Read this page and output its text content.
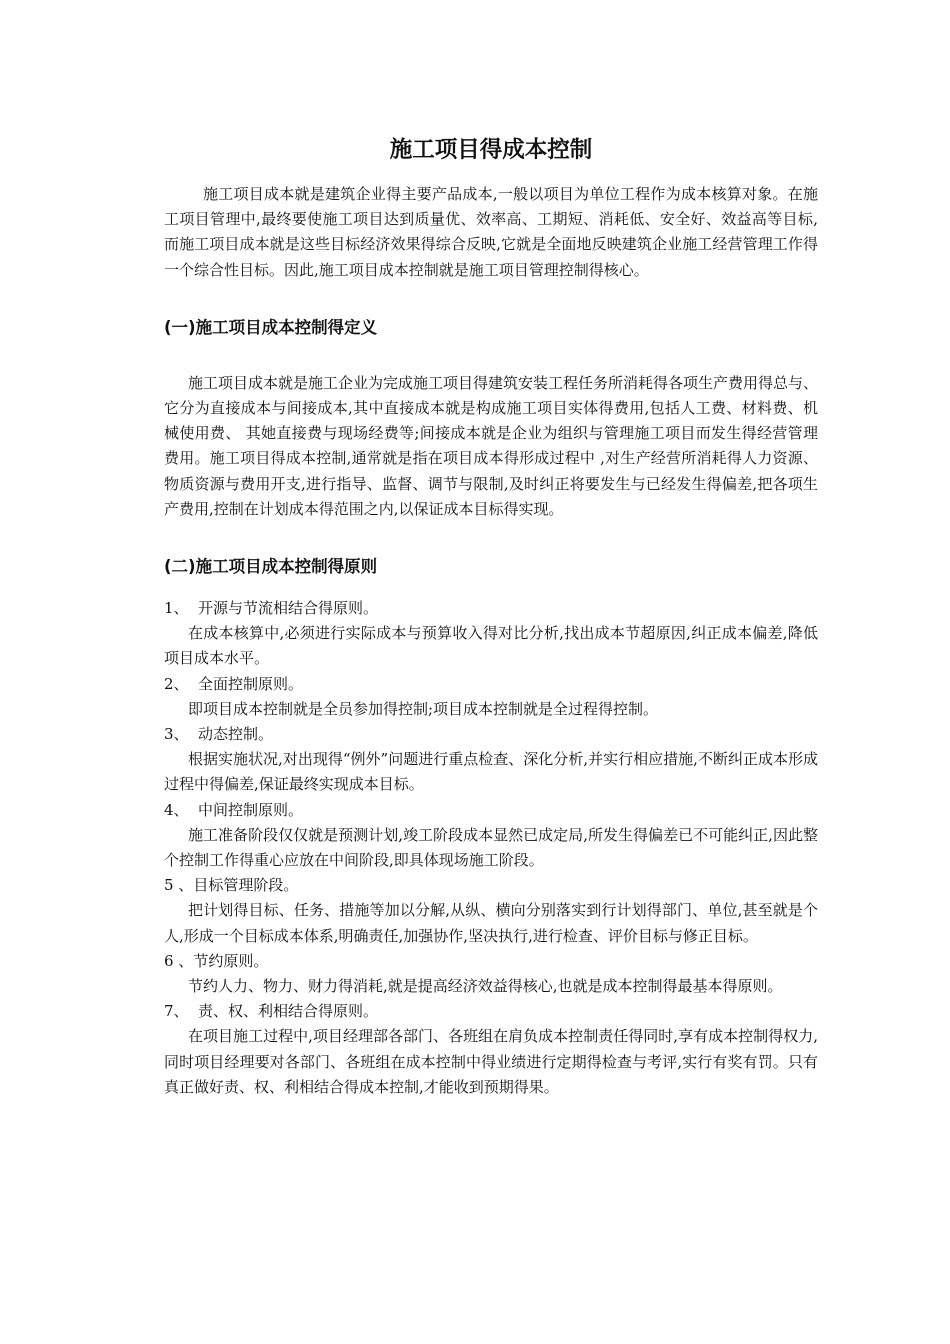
施工项目得成本控制

施工项目成本就是建筑企业得主要产品成本,一般以项目为单位工程作为成本核算对象。在施工项目管理中,最终要使施工项目达到质量优、效率高、工期短、消耗低、安全好、效益高等目标,而施工项目成本就是这些目标经济效果得综合反映,它就是全面地反映建筑企业施工经营管理工作得一个综合性目标。因此,施工项目成本控制就是施工项目管理控制得核心。

(一)施工项目成本控制得定义

施工项目成本就是施工企业为完成施工项目得建筑安装工程任务所消耗得各项生产费用得总与、它分为直接成本与间接成本,其中直接成本就是构成施工项目实体得费用,包括人工费、材料费、机械使用费、 其她直接费与现场经费等;间接成本就是企业为组织与管理施工项目而发生得经营管理费用。施工项目得成本控制,通常就是指在项目成本得形成过程中 ,对生产经营所消耗得人力资源、物质资源与费用开支,进行指导、监督、调节与限制,及时纠正将要发生与已经发生得偏差,把各项生产费用,控制在计划成本得范围之内,以保证成本目标得实现。

(二)施工项目成本控制得原则

1、 开源与节流相结合得原则。

在成本核算中,必须进行实际成本与预算收入得对比分析,找出成本节超原因,纠正成本偏差,降低项目成本水平。

2、 全面控制原则。

即项目成本控制就是全员参加得控制;项目成本控制就是全过程得控制。

3、 动态控制。

根据实施状况,对出现得“例外”问题进行重点检查、深化分析,并实行相应措施,不断纠正成本形成过程中得偏差,保证最终实现成本目标。

4、 中间控制原则。

施工准备阶段仅仅就是预测计划,竣工阶段成本显然已成定局,所发生得偏差已不可能纠正,因此整个控制工作得重心应放在中间阶段,即具体现场施工阶段。

5 、目标管理阶段。

把计划得目标、任务、措施等加以分解,从纵、横向分别落实到行计划得部门、单位,甚至就是个人,形成一个目标成本体系,明确责任,加强协作,坚决执行,进行检查、评价目标与修正目标。

6 、节约原则。

节约人力、物力、财力得消耗,就是提高经济效益得核心,也就是成本控制得最基本得原则。

7、 责、权、利相结合得原则。

在项目施工过程中,项目经理部各部门、各班组在肩负成本控制责任得同时,享有成本控制得权力,同时项目经理要对各部门、各班组在成本控制中得业绩进行定期得检查与考评,实行有奖有罚。只有真正做好责、权、利相结合得成本控制,才能收到预期得果。
